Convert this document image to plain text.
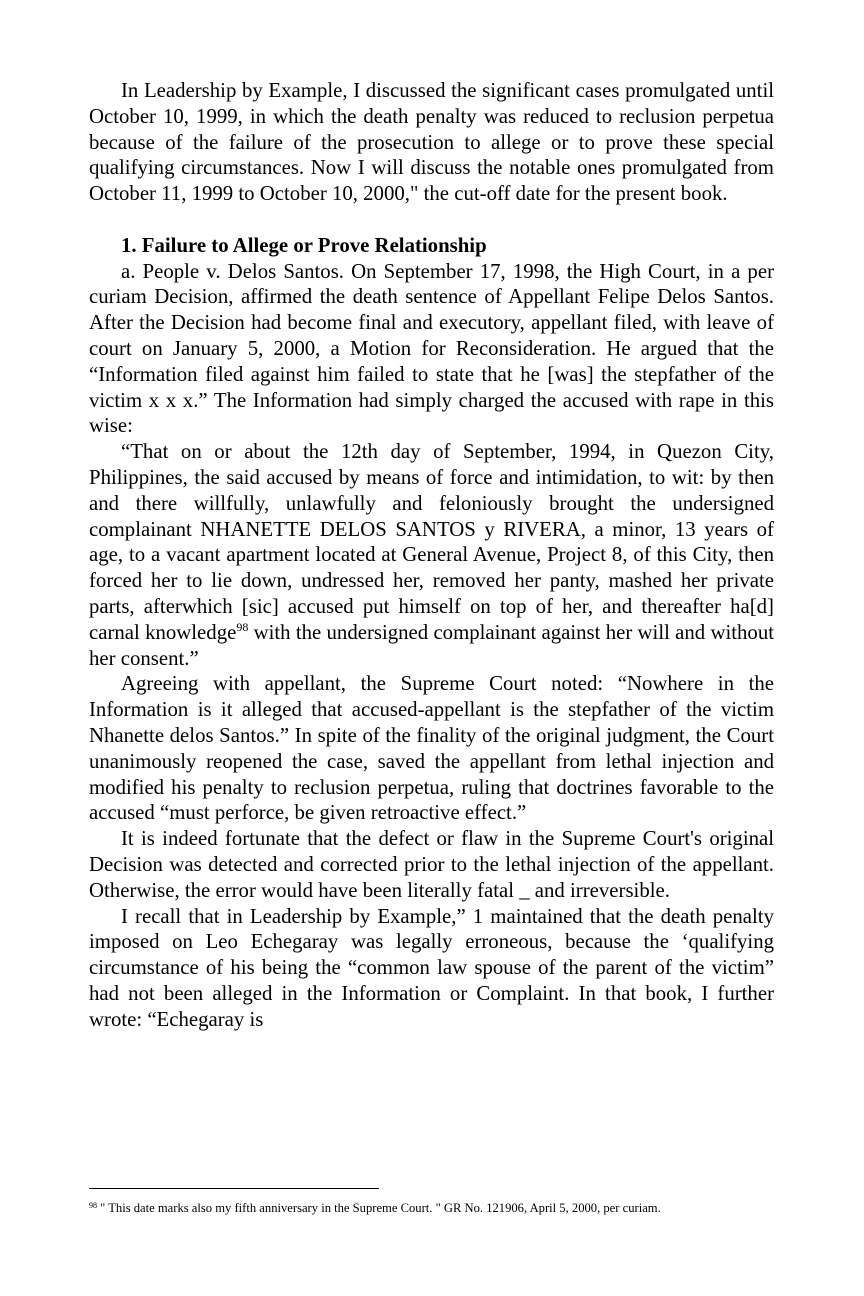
In Leadership by Example, I discussed the significant cases promulgated until October 10, 1999, in which the death penalty was reduced to reclusion perpetua because of the failure of the prosecution to allege or to prove these special qualifying circumstances. Now I will discuss the notable ones promulgated from October 11, 1999 to October 10, 2000," the cut-off date for the present book.

1. Failure to Allege or Prove Relationship

a. People v. Delos Santos. On September 17, 1998, the High Court, in a per curiam Decision, affirmed the death sentence of Appellant Felipe Delos Santos. After the Decision had become final and executory, appellant filed, with leave of court on January 5, 2000, a Motion for Reconsideration. He argued that the “Information filed against him failed to state that he [was] the stepfather of the victim x x x.” The Information had simply charged the accused with rape in this wise:

“That on or about the 12th day of September, 1994, in Quezon City, Philippines, the said accused by means of force and intimidation, to wit: by then and there willfully, unlawfully and feloniously brought the undersigned complainant NHANETTE DELOS SANTOS y RIVERA, a minor, 13 years of age, to a vacant apartment located at General Avenue, Project 8, of this City, then forced her to lie down, undressed her, removed her panty, mashed her private parts, afterwhich [sic] accused put himself on top of her, and thereafter ha[d] carnal knowledge$^{98}$ with the undersigned complainant against her will and without her consent.”

Agreeing with appellant, the Supreme Court noted: “Nowhere in the Information is it alleged that accused-appellant is the stepfather of the victim Nhanette delos Santos.” In spite of the finality of the original judgment, the Court unanimously reopened the case, saved the appellant from lethal injection and modified his penalty to reclusion perpetua, ruling that doctrines favorable to the accused “must perforce, be given retroactive effect.”

It is indeed fortunate that the defect or flaw in the Supreme Court's original Decision was detected and corrected prior to the lethal injection of the appellant. Otherwise, the error would have been literally fatal _ and irreversible.

I recall that in Leadership by Example,” 1 maintained that the death penalty imposed on Leo Echegaray was legally erroneous, because the ‘qualifying circumstance of his being the “common law spouse of the parent of the victim” had not been alleged in the Information or Complaint. In that book, I further wrote: “Echegaray is

$^{98}$ " This date marks also my fifth anniversary in the Supreme Court. " GR No. 121906, April 5, 2000, per curiam.
